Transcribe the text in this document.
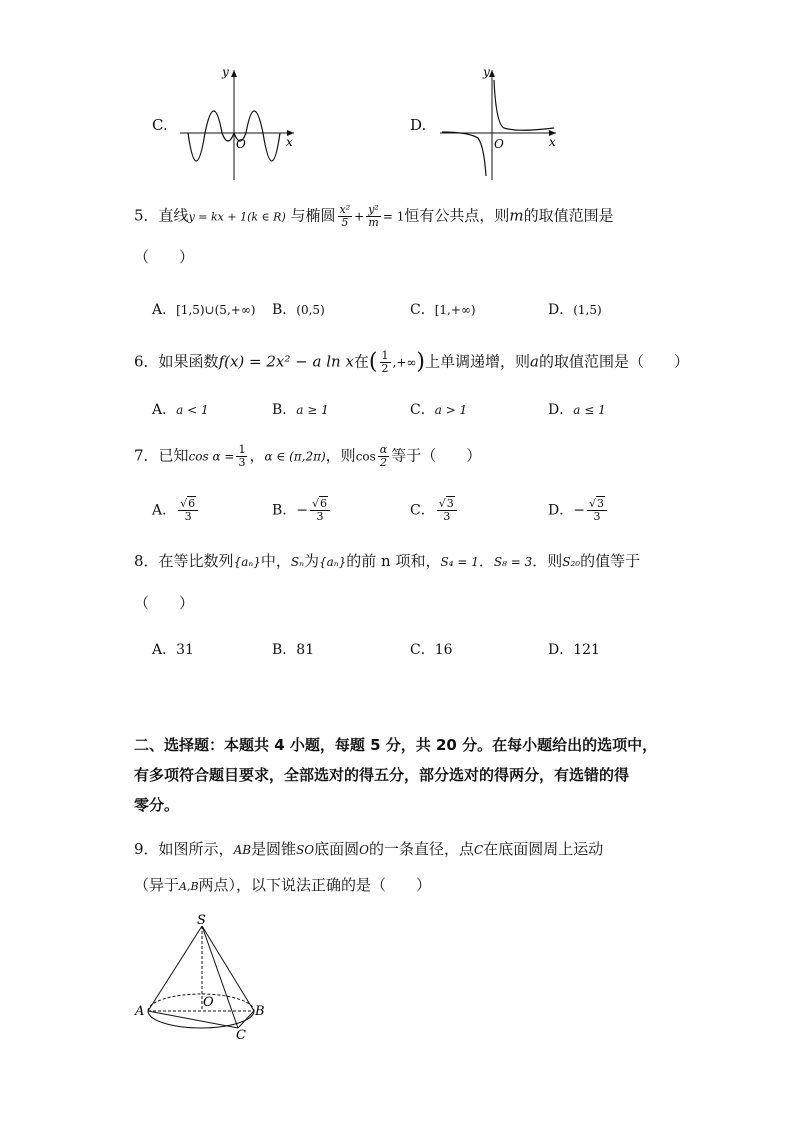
C.
y
x
O
D.
y
x
O
5．直线y = kx + 1(k ∈ R) 与椭圆 $\frac{\text{x²}}{5} + \frac{\text{y²}}{m} = 1$恒有公共点，则m的取值范围是
（　　）
A．[1,5)∪(5,+∞) B．(0,5)	C．[1,+∞)	D．(1,5)
6．如果函数f(x) = 2x² − a ln x在( $\frac{1}{2}$ ,+∞)上单调递增，则a的取值范围是（　　）
A．a < 1	B．a ≥ 1	C．a > 1	D．a ≤ 1
7．已知$\cos \alpha = \frac{1}{3}$ ，α ∈ (π,2π)，则$\cos \frac{\alpha}{2}$ 等于（　　）
A． $\frac{√6}{3}$	B．− $\frac{√6}{3}$	C． $\frac{√3}{3}$	D．− $\frac{√3}{3}$
8．在等比数列{aₙ}中，Sₙ为{aₙ}的前 n 项和，S₄ = 1．S₈ = 3．则S₂₀的值等于
（　　）
A．31	B．81	C．16	D．121
二、选择题：本题共 4 小题，每题 5 分，共 20 分。在每小题给出的选项中，
有多项符合题目要求，全部选对的得五分，部分选对的得两分，有选错的得
零分。
9．如图所示，AB是圆锥SO底面圆O的一条直径，点C在底面圆周上运动
（异于A,B两点），以下说法正确的是（　　）
S
O
A	B
C
